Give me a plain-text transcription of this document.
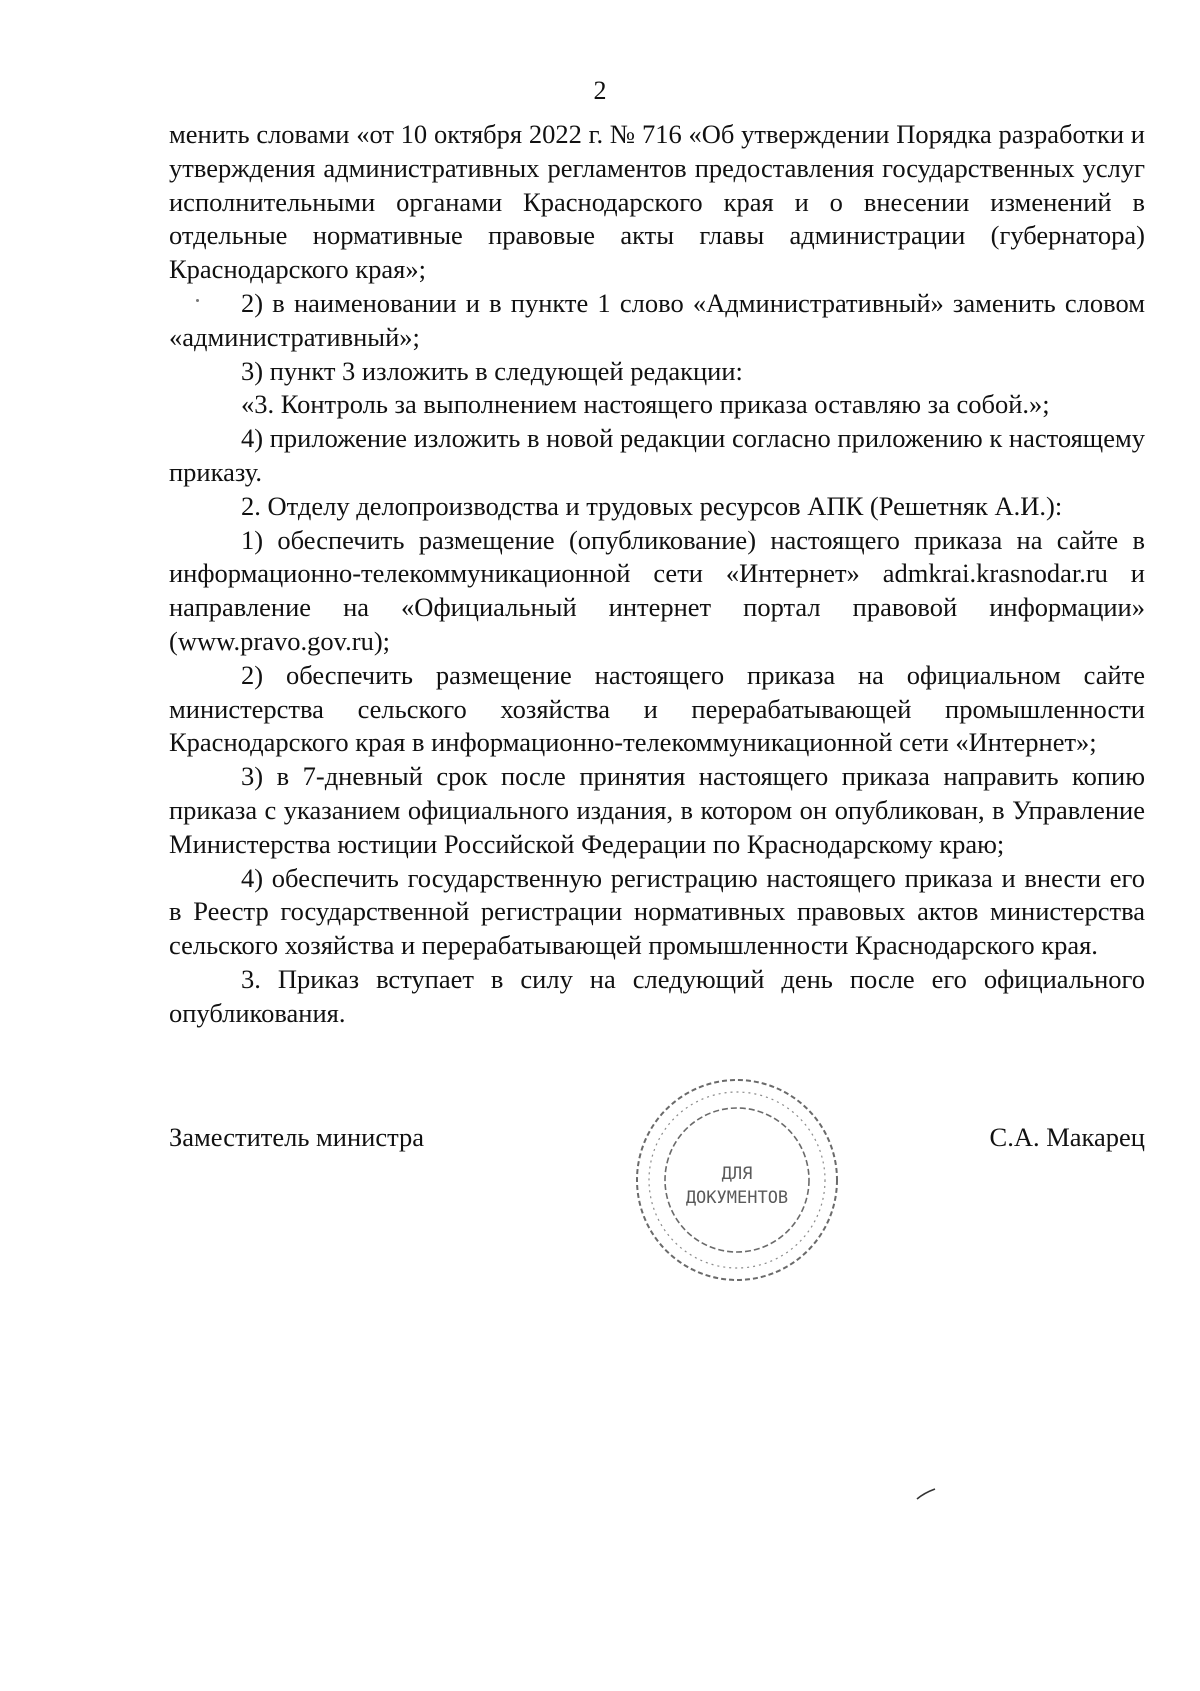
2

менить словами «от 10 октября 2022 г. № 716 «Об утверждении Порядка разработки и утверждения административных регламентов предоставления государственных услуг исполнительными органами Краснодарского края и о внесении изменений в отдельные нормативные правовые акты главы администрации (губернатора) Краснодарского края»;

2) в наименовании и в пункте 1 слово «Административный» заменить словом «административный»;

3) пункт 3 изложить в следующей редакции:

«3. Контроль за выполнением настоящего приказа оставляю за собой.»;

4) приложение изложить в новой редакции согласно приложению к настоящему приказу.

2. Отделу делопроизводства и трудовых ресурсов АПК (Решетняк А.И.):

1) обеспечить размещение (опубликование) настоящего приказа на сайте в информационно-телекоммуникационной сети «Интернет» admkrai.krasnodar.ru и направление на «Официальный интернет портал правовой информации» (www.pravo.gov.ru);

2) обеспечить размещение настоящего приказа на официальном сайте министерства сельского хозяйства и перерабатывающей промышленности Краснодарского края в информационно-телекоммуникационной сети «Интернет»;

3) в 7-дневный срок после принятия настоящего приказа направить копию приказа с указанием официального издания, в котором он опубликован, в Управление Министерства юстиции Российской Федерации по Краснодарскому краю;

4) обеспечить государственную регистрацию настоящего приказа и внести его в Реестр государственной регистрации нормативных правовых актов министерства сельского хозяйства и перерабатывающей промышленности Краснодарского края.

3. Приказ вступает в силу на следующий день после его официального опубликования.

Заместитель министра	С.А. Макарец
ДЛЯ
ДОКУМЕНТОВ
